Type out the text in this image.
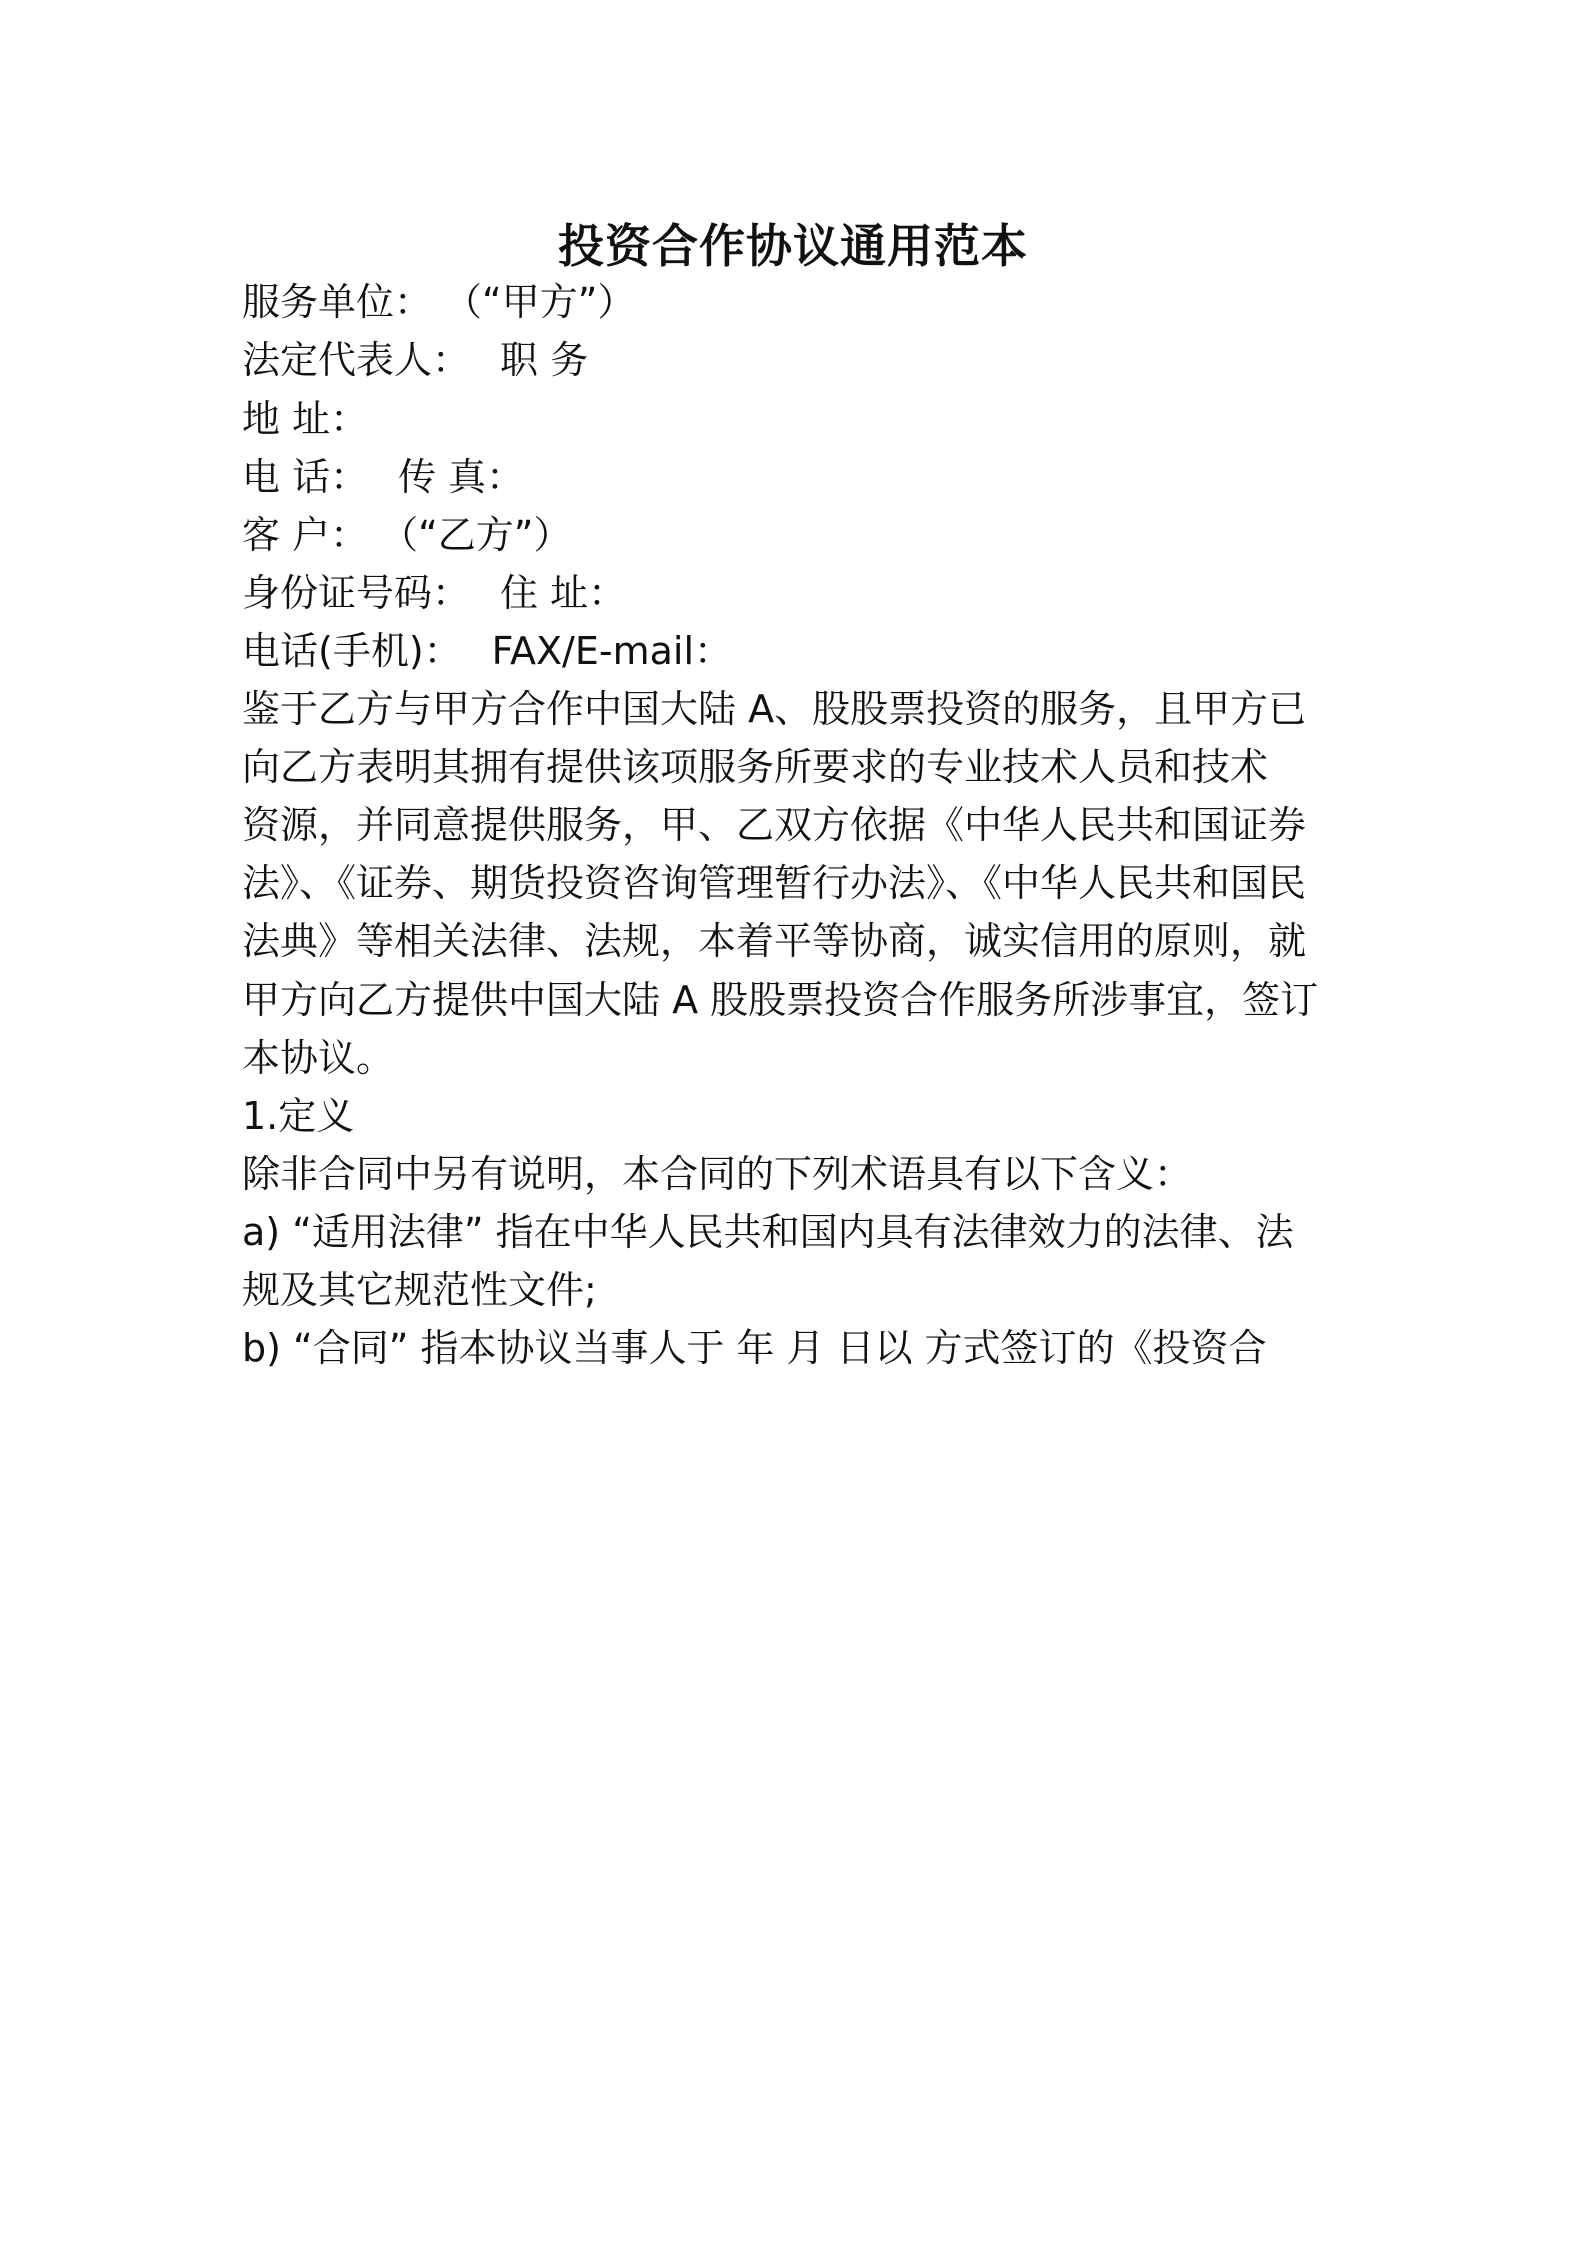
投资合作协议通用范本
服务单位： （“甲方”）
法定代表人： 职 务
地 址：
电 话： 传 真：
客 户： （“乙方”）
身份证号码： 住 址：
电话(手机)： FAX/E-mail：
鉴于乙方与甲方合作中国大陆 A、股股票投资的服务，且甲方已
向乙方表明其拥有提供该项服务所要求的专业技术人员和技术
资源，并同意提供服务，甲、乙双方依据《中华人民共和国证券
法》、《证券、期货投资咨询管理暂行办法》、《中华人民共和国民
法典》等相关法律、法规，本着平等协商，诚实信用的原则，就
甲方向乙方提供中国大陆 A 股股票投资合作服务所涉事宜，签订
本协议。
1.定义
除非合同中另有说明，本合同的下列术语具有以下含义：
a) “适用法律” 指在中华人民共和国内具有法律效力的法律、法
规及其它规范性文件;
b) “合同” 指本协议当事人于 年 月 日以 方式签订的《投资合
